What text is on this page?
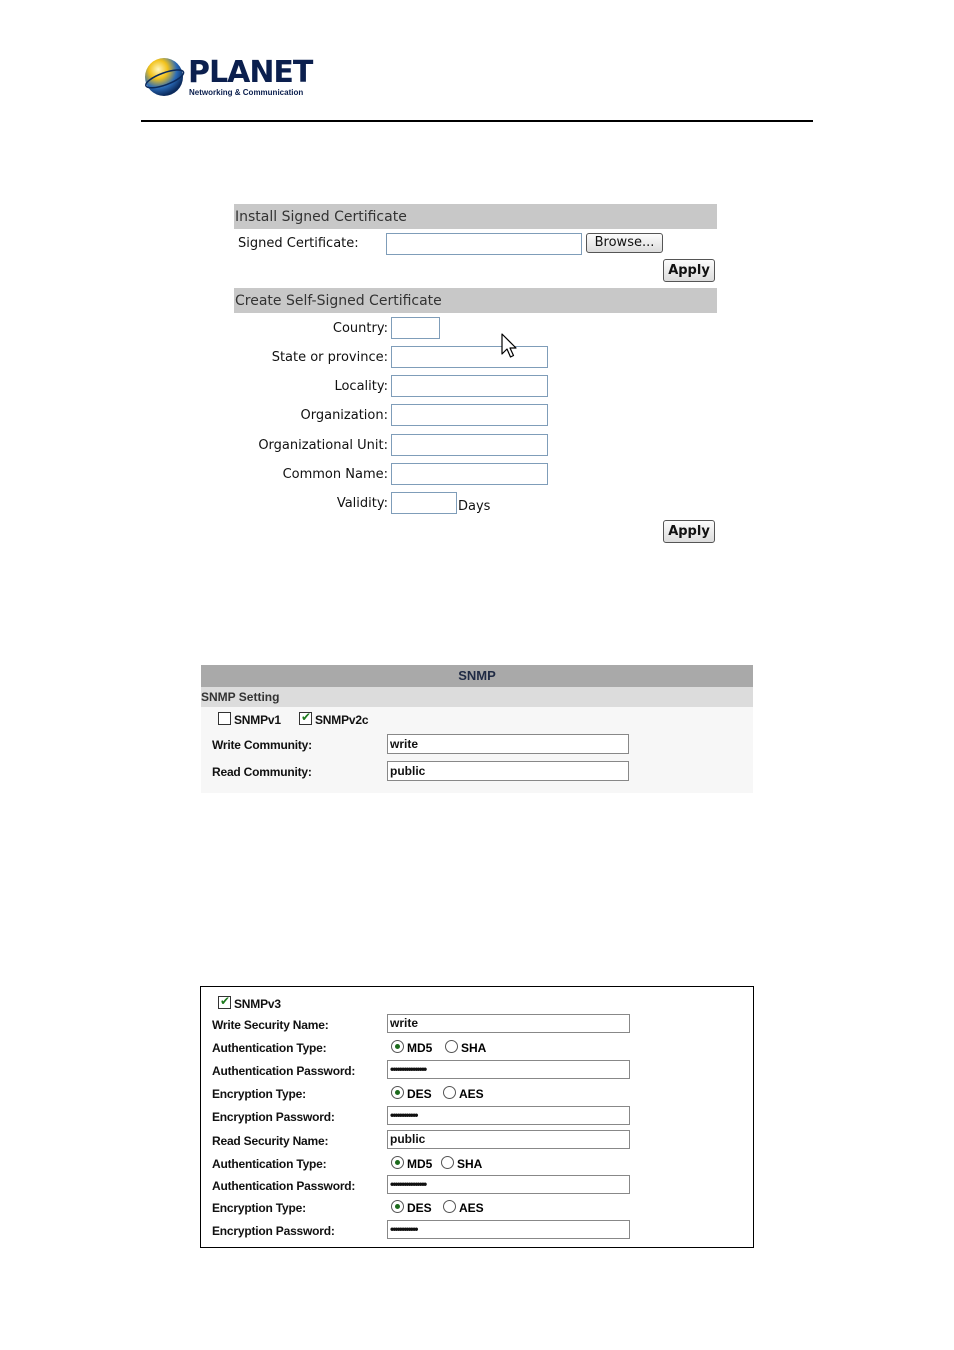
PLANET
Networking & Communication
Install Signed Certificate
Signed Certificate:	Browse...
Apply
Create Self-Signed Certificate
Country:
State or province:
Locality:
Organization:
Organizational Unit:
Common Name:
Validity:	Days
Apply
SNMP
SNMP Setting
SNMPv1
✔	SNMPv2c
Write Community:	write
Read Community:	public
✔
SNMPv3
Write Security Name:	write
Authentication Type:	MD5 SHA
Authentication Password:	••••••••••••••••
Encryption Type:	DES AES
Encryption Password:	••••••••••••
Read Security Name:	public
Authentication Type:	MD5 SHA
Authentication Password:	••••••••••••••••
Encryption Type:	DES AES
Encryption Password:	••••••••••••
